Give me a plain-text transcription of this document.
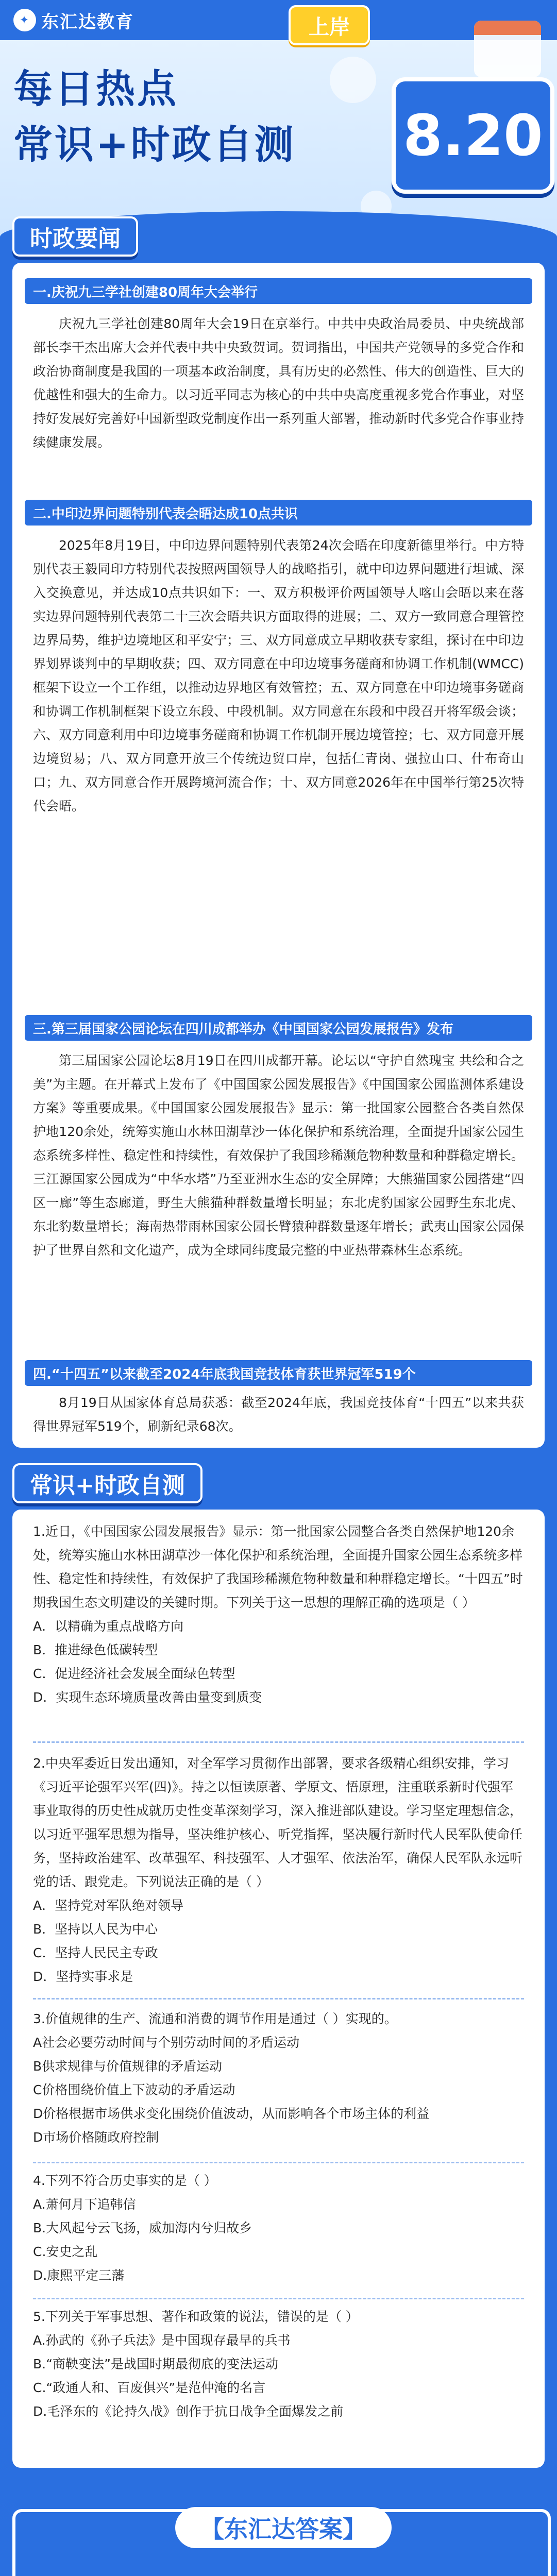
✦ 东汇达教育	上岸
每日热点
常识+时政自测 8.20
时政要闻
一.庆祝九三学社创建80周年大会举行
庆祝九三学社创建80周年大会19日在京举行。中共中央政治局委员、中央统战部部长李干杰出席大会并代表中共中央致贺词。贺词指出，中国共产党领导的多党合作和政治协商制度是我国的一项基本政治制度，具有历史的必然性、伟大的创造性、巨大的优越性和强大的生命力。以习近平同志为核心的中共中央高度重视多党合作事业，对坚持好发展好完善好中国新型政党制度作出一系列重大部署，推动新时代多党合作事业持续健康发展。
二.中印边界问题特别代表会晤达成10点共识
2025年8月19日，中印边界问题特别代表第24次会晤在印度新德里举行。中方特别代表王毅同印方特别代表按照两国领导人的战略指引，就中印边界问题进行坦诚、深入交换意见，并达成10点共识如下：一、双方积极评价两国领导人喀山会晤以来在落实边界问题特别代表第二十三次会晤共识方面取得的进展；二、双方一致同意合理管控边界局势，维护边境地区和平安宁；三、双方同意成立早期收获专家组，探讨在中印边界划界谈判中的早期收获；四、双方同意在中印边境事务磋商和协调工作机制(WMCC)框架下设立一个工作组，以推动边界地区有效管控；五、双方同意在中印边境事务磋商和协调工作机制框架下设立东段、中段机制。双方同意在东段和中段召开将军级会谈；六、双方同意利用中印边境事务磋商和协调工作机制开展边境管控；七、双方同意开展边境贸易；八、双方同意开放三个传统边贸口岸，包括仁青岗、强拉山口、什布奇山口；九、双方同意合作开展跨境河流合作；十、双方同意2026年在中国举行第25次特代会晤。
三.第三届国家公园论坛在四川成都举办《中国国家公园发展报告》发布
第三届国家公园论坛8月19日在四川成都开幕。论坛以“守护自然瑰宝 共绘和合之美”为主题。在开幕式上发布了《中国国家公园发展报告》《中国国家公园监测体系建设方案》等重要成果。《中国国家公园发展报告》显示：第一批国家公园整合各类自然保护地120余处，统筹实施山水林田湖草沙一体化保护和系统治理，全面提升国家公园生态系统多样性、稳定性和持续性，有效保护了我国珍稀濒危物种数量和种群稳定增长。三江源国家公园成为“中华水塔”乃至亚洲水生态的安全屏障；大熊猫国家公园搭建“四区一廊”等生态廊道，野生大熊猫种群数量增长明显；东北虎豹国家公园野生东北虎、东北豹数量增长；海南热带雨林国家公园长臂猿种群数量逐年增长；武夷山国家公园保护了世界自然和文化遗产，成为全球同纬度最完整的中亚热带森林生态系统。
四.“十四五”以来截至2024年底我国竞技体育获世界冠军519个
8月19日从国家体育总局获悉：截至2024年底，我国竞技体育“十四五”以来共获得世界冠军519个，刷新纪录68次。
常识+时政自测

1.近日，《中国国家公园发展报告》显示：第一批国家公园整合各类自然保护地120余处，统筹实施山水林田湖草沙一体化保护和系统治理，全面提升国家公园生态系统多样性、稳定性和持续性，有效保护了我国珍稀濒危物种数量和种群稳定增长。“十四五”时期我国生态文明建设的关键时期。下列关于这一思想的理解正确的选项是（ ）

A．以精确为重点战略方向

B．推进绿色低碳转型

C．促进经济社会发展全面绿色转型

D．实现生态环境质量改善由量变到质变

2.中央军委近日发出通知，对全军学习贯彻作出部署，要求各级精心组织安排，学习《习近平论强军兴军(四)》。持之以恒读原著、学原文、悟原理，注重联系新时代强军事业取得的历史性成就历史性变革深刻学习，深入推进部队建设。学习坚定理想信念，以习近平强军思想为指导，坚决维护核心、听党指挥，坚决履行新时代人民军队使命任务，坚持政治建军、改革强军、科技强军、人才强军、依法治军，确保人民军队永远听党的话、跟党走。下列说法正确的是（ ）

A．坚持党对军队绝对领导

B．坚持以人民为中心

C．坚持人民民主专政

D．坚持实事求是

3.价值规律的生产、流通和消费的调节作用是通过（ ）实现的。

A社会必要劳动时间与个别劳动时间的矛盾运动

B供求规律与价值规律的矛盾运动

C价格围绕价值上下波动的矛盾运动

D价格根据市场供求变化围绕价值波动，从而影响各个市场主体的利益

D市场价格随政府控制

4.下列不符合历史事实的是（ ）

A.萧何月下追韩信

B.大风起兮云飞扬，威加海内兮归故乡

C.安史之乱

D.康熙平定三藩

5.下列关于军事思想、著作和政策的说法，错误的是（ ）

A.孙武的《孙子兵法》是中国现存最早的兵书

B.“商鞅变法”是战国时期最彻底的变法运动

C.“政通人和、百废俱兴”是范仲淹的名言

D.毛泽东的《论持久战》创作于抗日战争全面爆发之前

【东汇达答案】
